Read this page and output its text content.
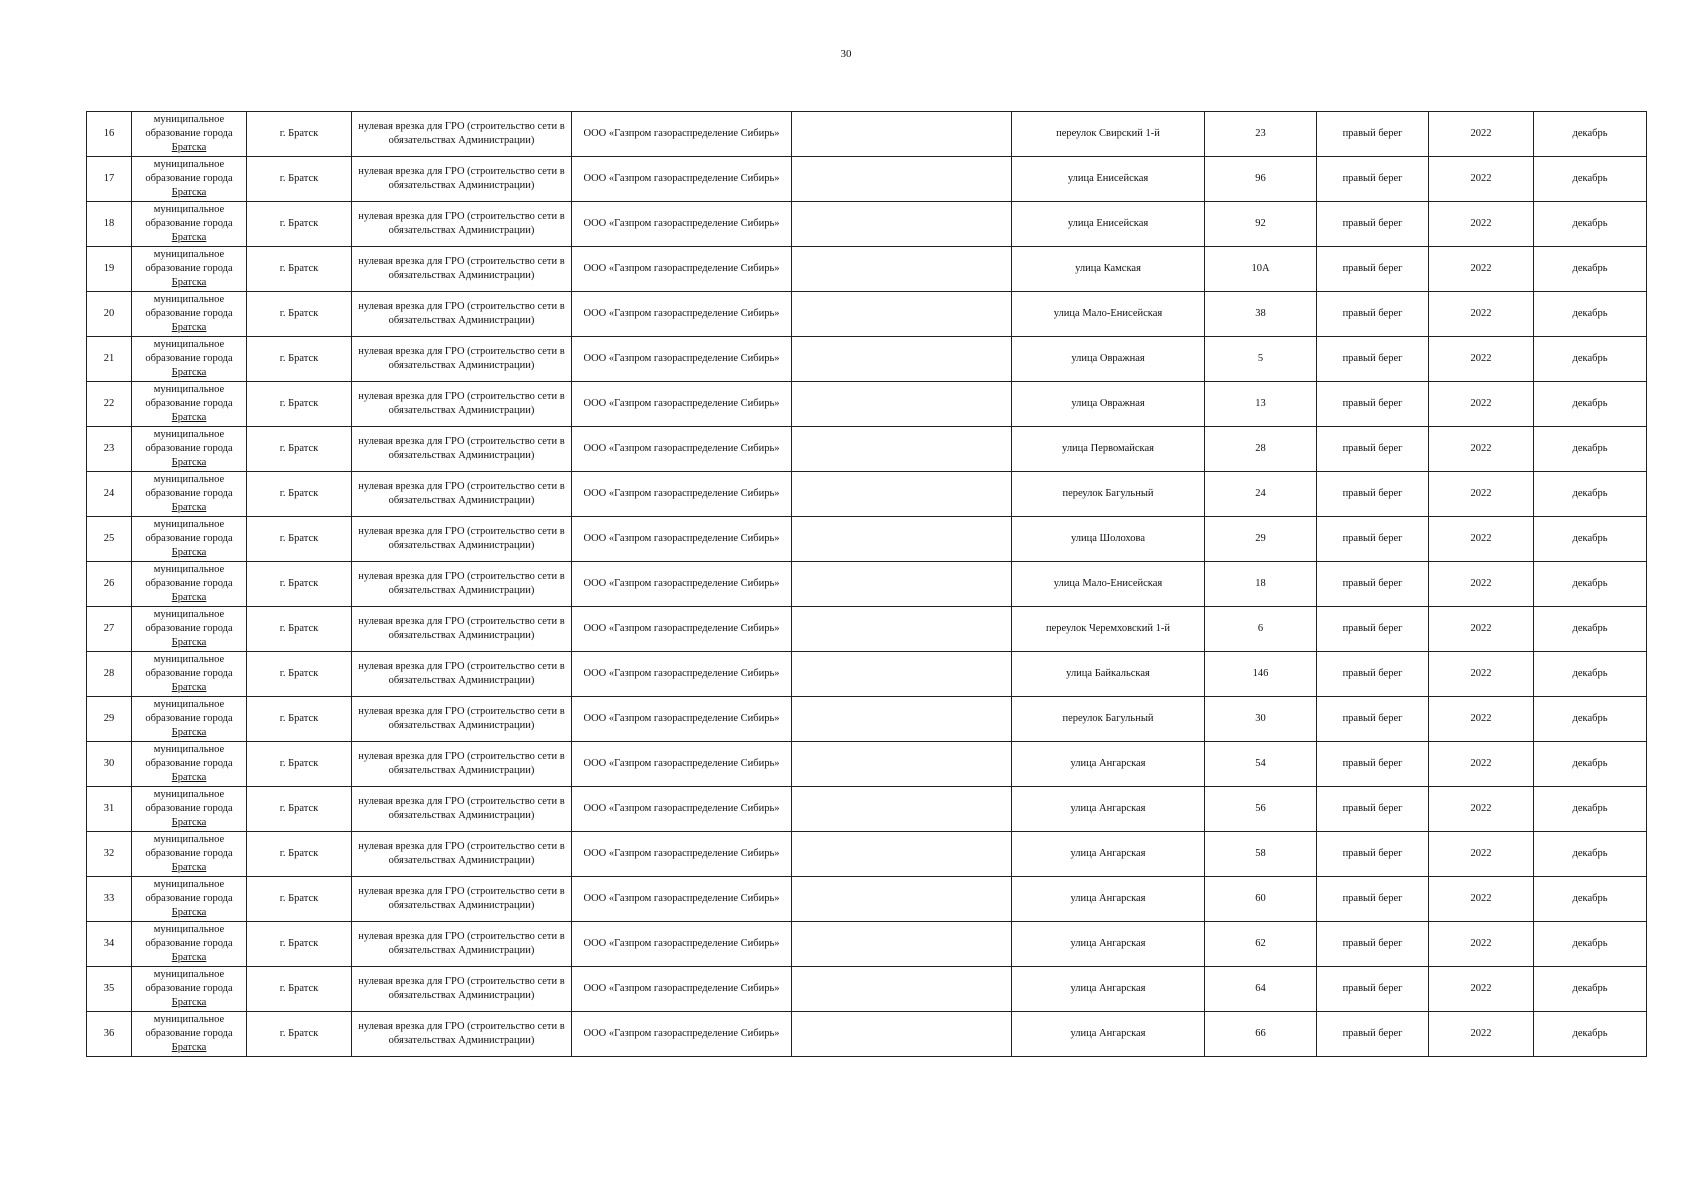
30
16	муниципальное
образование города
Братска	г. Братск	нулевая врезка для ГРО (строительство сети в обязательствах Администрации)	ООО «Газпром газораспределение Сибирь»		переулок Свирский 1-й	23	правый берег	2022	декабрь
17	муниципальное
образование города
Братска	г. Братск	нулевая врезка для ГРО (строительство сети в обязательствах Администрации)	ООО «Газпром газораспределение Сибирь»		улица Енисейская	96	правый берег	2022	декабрь
18	муниципальное
образование города
Братска	г. Братск	нулевая врезка для ГРО (строительство сети в обязательствах Администрации)	ООО «Газпром газораспределение Сибирь»		улица Енисейская	92	правый берег	2022	декабрь
19	муниципальное
образование города
Братска	г. Братск	нулевая врезка для ГРО (строительство сети в обязательствах Администрации)	ООО «Газпром газораспределение Сибирь»		улица Камская	10А	правый берег	2022	декабрь
20	муниципальное
образование города
Братска	г. Братск	нулевая врезка для ГРО (строительство сети в обязательствах Администрации)	ООО «Газпром газораспределение Сибирь»		улица Мало-Енисейская	38	правый берег	2022	декабрь
21	муниципальное
образование города
Братска	г. Братск	нулевая врезка для ГРО (строительство сети в обязательствах Администрации)	ООО «Газпром газораспределение Сибирь»		улица Овражная	5	правый берег	2022	декабрь
22	муниципальное
образование города
Братска	г. Братск	нулевая врезка для ГРО (строительство сети в обязательствах Администрации)	ООО «Газпром газораспределение Сибирь»		улица Овражная	13	правый берег	2022	декабрь
23	муниципальное
образование города
Братска	г. Братск	нулевая врезка для ГРО (строительство сети в обязательствах Администрации)	ООО «Газпром газораспределение Сибирь»		улица Первомайская	28	правый берег	2022	декабрь
24	муниципальное
образование города
Братска	г. Братск	нулевая врезка для ГРО (строительство сети в обязательствах Администрации)	ООО «Газпром газораспределение Сибирь»		переулок Багульный	24	правый берег	2022	декабрь
25	муниципальное
образование города
Братска	г. Братск	нулевая врезка для ГРО (строительство сети в обязательствах Администрации)	ООО «Газпром газораспределение Сибирь»		улица Шолохова	29	правый берег	2022	декабрь
26	муниципальное
образование города
Братска	г. Братск	нулевая врезка для ГРО (строительство сети в обязательствах Администрации)	ООО «Газпром газораспределение Сибирь»		улица Мало-Енисейская	18	правый берег	2022	декабрь
27	муниципальное
образование города
Братска	г. Братск	нулевая врезка для ГРО (строительство сети в обязательствах Администрации)	ООО «Газпром газораспределение Сибирь»		переулок Черемховский 1-й	6	правый берег	2022	декабрь
28	муниципальное
образование города
Братска	г. Братск	нулевая врезка для ГРО (строительство сети в обязательствах Администрации)	ООО «Газпром газораспределение Сибирь»		улица Байкальская	146	правый берег	2022	декабрь
29	муниципальное
образование города
Братска	г. Братск	нулевая врезка для ГРО (строительство сети в обязательствах Администрации)	ООО «Газпром газораспределение Сибирь»		переулок Багульный	30	правый берег	2022	декабрь
30	муниципальное
образование города
Братска	г. Братск	нулевая врезка для ГРО (строительство сети в обязательствах Администрации)	ООО «Газпром газораспределение Сибирь»		улица Ангарская	54	правый берег	2022	декабрь
31	муниципальное
образование города
Братска	г. Братск	нулевая врезка для ГРО (строительство сети в обязательствах Администрации)	ООО «Газпром газораспределение Сибирь»		улица Ангарская	56	правый берег	2022	декабрь
32	муниципальное
образование города
Братска	г. Братск	нулевая врезка для ГРО (строительство сети в обязательствах Администрации)	ООО «Газпром газораспределение Сибирь»		улица Ангарская	58	правый берег	2022	декабрь
33	муниципальное
образование города
Братска	г. Братск	нулевая врезка для ГРО (строительство сети в обязательствах Администрации)	ООО «Газпром газораспределение Сибирь»		улица Ангарская	60	правый берег	2022	декабрь
34	муниципальное
образование города
Братска	г. Братск	нулевая врезка для ГРО (строительство сети в обязательствах Администрации)	ООО «Газпром газораспределение Сибирь»		улица Ангарская	62	правый берег	2022	декабрь
35	муниципальное
образование города
Братска	г. Братск	нулевая врезка для ГРО (строительство сети в обязательствах Администрации)	ООО «Газпром газораспределение Сибирь»		улица Ангарская	64	правый берег	2022	декабрь
36	муниципальное
образование города
Братска	г. Братск	нулевая врезка для ГРО (строительство сети в обязательствах Администрации)	ООО «Газпром газораспределение Сибирь»		улица Ангарская	66	правый берег	2022	декабрь
